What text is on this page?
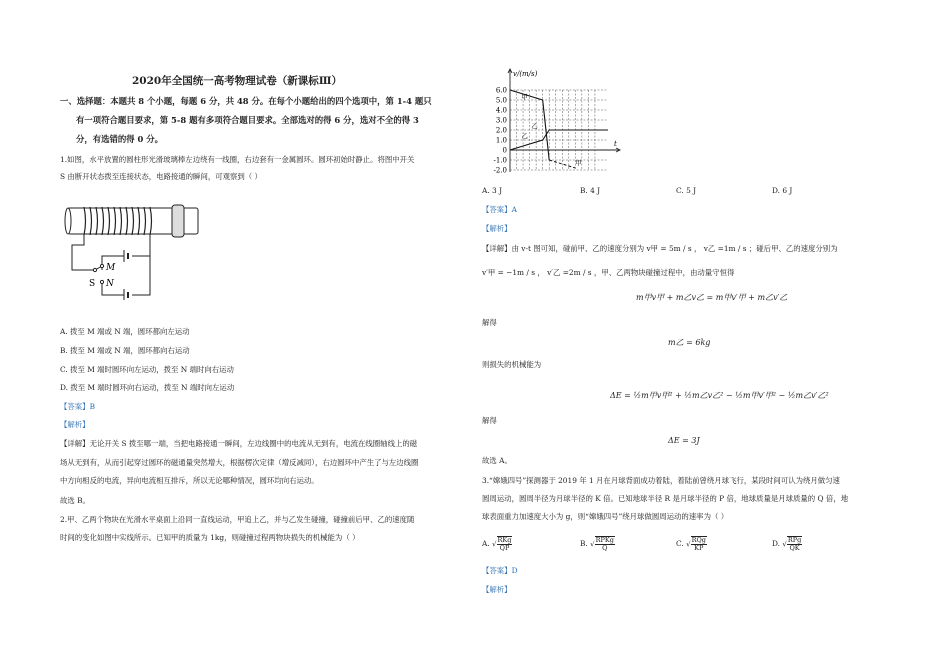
2020年全国统一高考物理试卷（新课标Ⅲ）
一、选择题：本题共 8 个小题，每题 6 分，共 48 分。在每个小题给出的四个选项中，第 1-4 题只
有一项符合题目要求，第 5-8 题有多项符合题目要求。全部选对的得 6 分，选对不全的得 3
分，有选错的得 0 分。
1.如图，水平放置的圆柱形光滑玻璃棒左边绕有一线圈，右边套有一金属圆环。圆环初始时静止。将图中开关
S 由断开状态拨至连接状态，电路接通的瞬间，可观察到（ ）
M
N
S
A. 拨至 M 端或 N 端，圆环都向左运动
B. 拨至 M 端或 N 端，圆环都向右运动
C. 拨至 M 端时圆环向左运动，拨至 N 端时向右运动
D. 拨至 M 端时圆环向右运动，拨至 N 端时向左运动
【答案】B
【解析】
【详解】无论开关 S 拨至哪一端，当把电路接通一瞬间，左边线圈中的电流从无到有，电流在线圈轴线上的磁
场从无到有，从而引起穿过圆环的磁通量突然增大，根据楞次定律（增反减同），右边圆环中产生了与左边线圈
中方向相反的电流，异向电流相互排斥，所以无论哪种情况，圆环均向右运动。
故选 B。
2.甲、乙两个物块在光滑水平桌面上沿同一直线运动，甲追上乙，并与乙发生碰撞，碰撞前后甲、乙的速度随
时间的变化如图中实线所示。已知甲的质量为 1kg，则碰撞过程两物块损失的机械能为（ ）
6.0
5.0
4.0
3.0
2.0
1.0
0
-1.0
-2.0
v/(m/s)
t
甲
乙
乙
甲
A. 3 J	B. 4 J	C. 5 J	D. 6 J
【答案】A
【解析】
【详解】由 v-t 图可知，碰前甲、乙的速度分别为 v甲 = 5m / s ， v乙 =1m / s ；碰后甲、乙的速度分别为
v′甲 = −1m / s ， v′乙 =2m / s ，甲、乙两物块碰撞过程中，由动量守恒得
m甲v甲 + m乙v乙 = m甲v′甲 + m乙v′乙
解得
m乙 = 6kg
则损失的机械能为
ΔE = ½m甲v甲² + ½m乙v乙² − ½m甲v′甲² − ½m乙v′乙²
解得
ΔE = 3J
故选 A。
3.“嫦娥四号”探测器于 2019 年 1 月在月球背面成功着陆，着陆前曾绕月球飞行，某段时间可认为绕月做匀速
圆周运动，圆周半径为月球半径的 K 倍。已知地球半径 R 是月球半径的 P 倍，地球质量是月球质量的 Q 倍，地
球表面重力加速度大小为 g，则“嫦娥四号”绕月球做圆周运动的速率为（ ）
A. √ $\frac{\text{RKg}}{QP}$	B. √ $\frac{\text{RPKg}}{Q}$	C. √ $\frac{\text{RQg}}{KP}$	D. √ $\frac{\text{RPg}}{QK}$
【答案】D
【解析】
